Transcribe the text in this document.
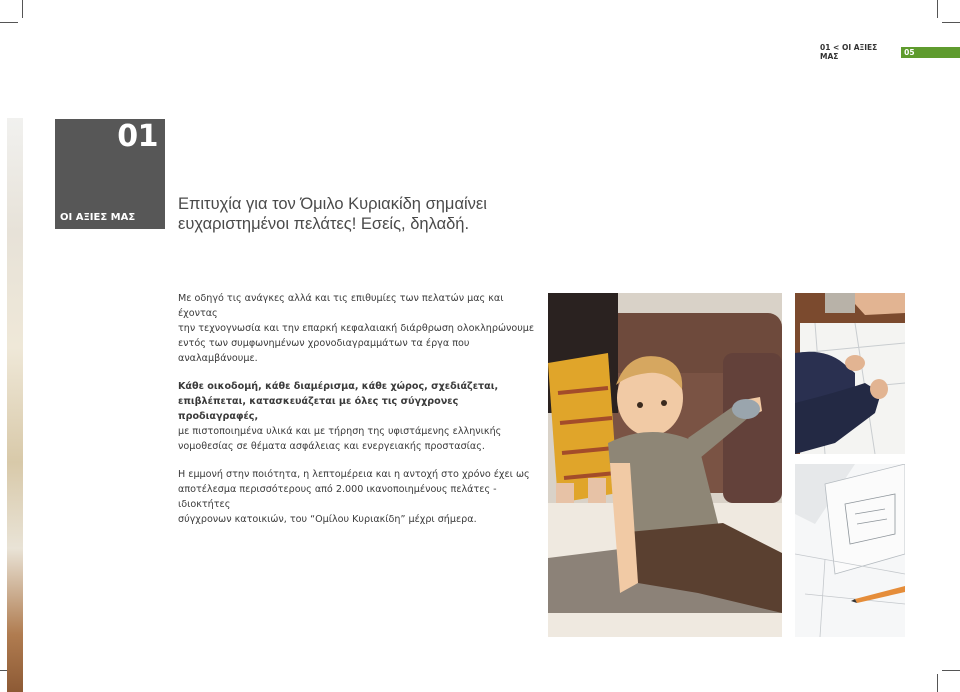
01 < ΟΙ ΑΞΙΕΣ ΜΑΣ	05
01
ΟΙ ΑΞΙΕΣ ΜΑΣ
Επιτυχία για τον Όμιλο Κυριακίδη σημαίνει
ευχαριστημένοι πελάτες! Εσείς, δηλαδή.

Με οδηγό τις ανάγκες αλλά και τις επιθυμίες των πελατών μας και έχοντας
την τεχνογνωσία και την επαρκή κεφαλαιακή διάρθρωση ολοκληρώνουμε
εντός των συμφωνημένων χρονοδιαγραμμάτων τα έργα που αναλαμβάνουμε.

Κάθε οικοδομή, κάθε διαμέρισμα, κάθε χώρος, σχεδιάζεται,
επιβλέπεται, κατασκευάζεται με όλες τις σύγχρονες προδιαγραφές,
με πιστοποιημένα υλικά και με τήρηση της υφιστάμενης ελληνικής
νομοθεσίας σε θέματα ασφάλειας και ενεργειακής προστασίας.

Η εμμονή στην ποιότητα, η λεπτομέρεια και η αντοχή στο χρόνο έχει ως
αποτέλεσμα περισσότερους από 2.000 ικανοποιημένους πελάτες - ιδιοκτήτες
σύγχρονων κατοικιών, του “Ομίλου Κυριακίδη” μέχρι σήμερα.
